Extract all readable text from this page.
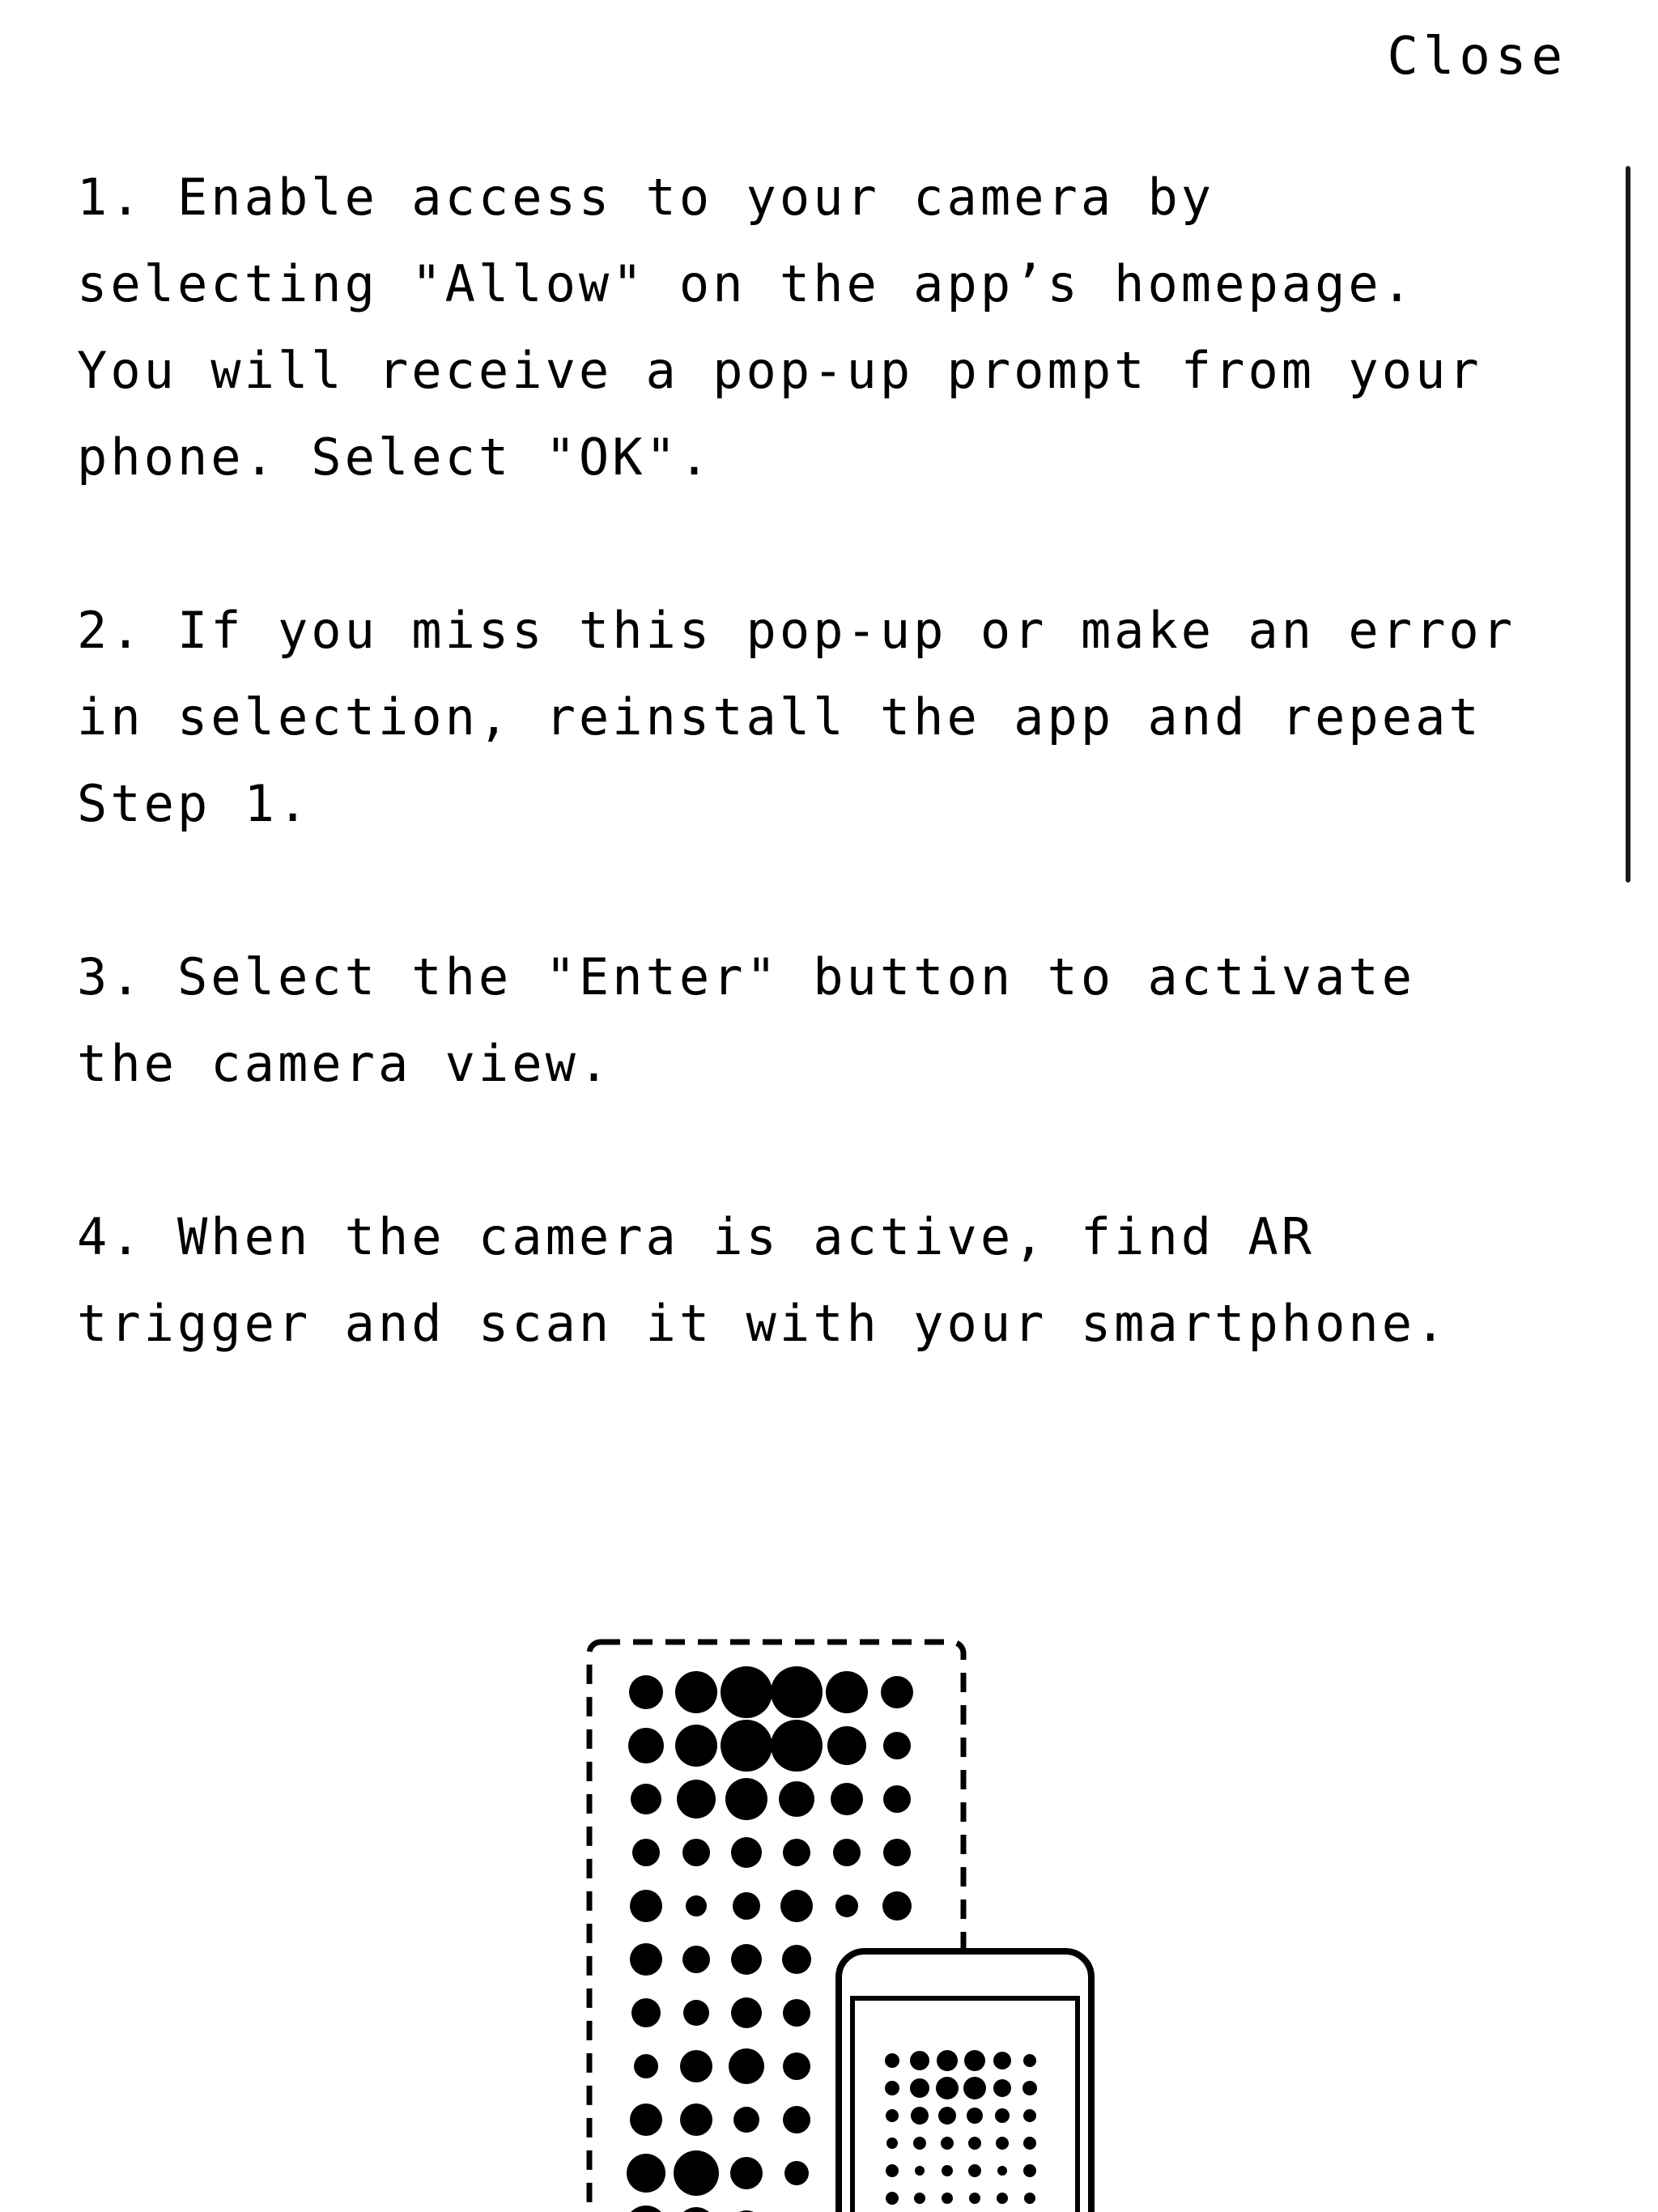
Close

1. Enable access to your camera by
selecting "Allow" on the app’s homepage.
You will receive a pop-up prompt from your
phone. Select "OK".

2. If you miss this pop-up or make an error
in selection, reinstall the app and repeat
Step 1.

3. Select the "Enter" button to activate
the camera view.

4. When the camera is active, find AR
trigger and scan it with your smartphone.
